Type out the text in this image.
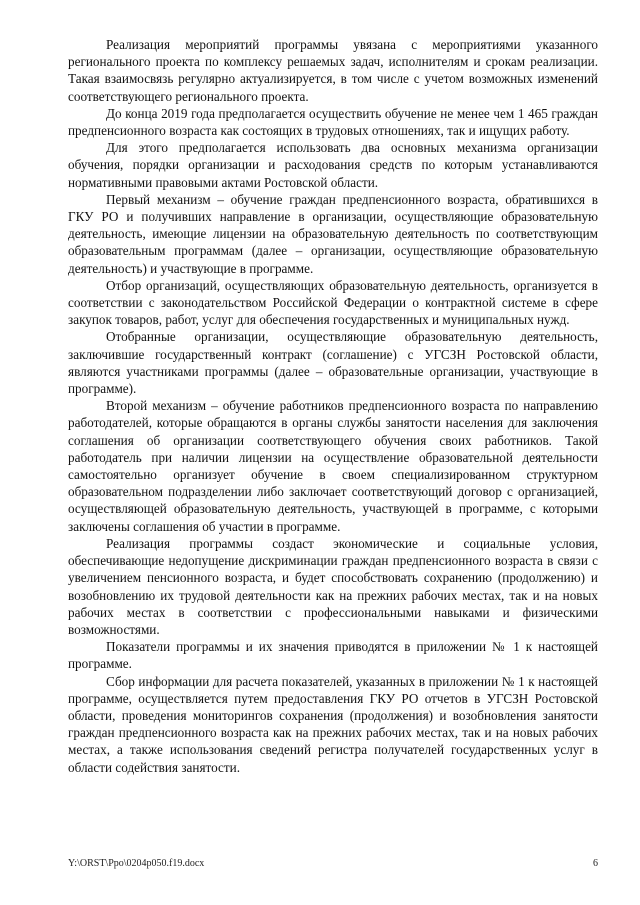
Реализация мероприятий программы увязана с мероприятиями указанного регионального проекта по комплексу решаемых задач, исполнителям и срокам реализации. Такая взаимосвязь регулярно актуализируется, в том числе с учетом возможных изменений соответствующего регионального проекта.

До конца 2019 года предполагается осуществить обучение не менее чем 1 465 граждан предпенсионного возраста как состоящих в трудовых отношениях, так и ищущих работу.

Для этого предполагается использовать два основных механизма организации обучения, порядки организации и расходования средств по которым устанавливаются нормативными правовыми актами Ростовской области.

Первый механизм – обучение граждан предпенсионного возраста, обратившихся в ГКУ РО и получивших направление в организации, осуществляющие образовательную деятельность, имеющие лицензии на образовательную деятельность по соответствующим образовательным программам (далее – организации, осуществляющие образовательную деятельность) и участвующие в программе.

Отбор организаций, осуществляющих образовательную деятельность, организуется в соответствии с законодательством Российской Федерации о контрактной системе в сфере закупок товаров, работ, услуг для обеспечения государственных и муниципальных нужд.

Отобранные организации, осуществляющие образовательную деятельность, заключившие государственный контракт (соглашение) с УГСЗН Ростовской области, являются участниками программы (далее – образовательные организации, участвующие в программе).

Второй механизм – обучение работников предпенсионного возраста по направлению работодателей, которые обращаются в органы службы занятости населения для заключения соглашения об организации соответствующего обучения своих работников. Такой работодатель при наличии лицензии на осуществление образовательной деятельности самостоятельно организует обучение в своем специализированном структурном образовательном подразделении либо заключает соответствующий договор с организацией, осуществляющей образовательную деятельность, участвующей в программе, с которыми заключены соглашения об участии в программе.

Реализация программы создаст экономические и социальные условия, обеспечивающие недопущение дискриминации граждан предпенсионного возраста в связи с увеличением пенсионного возраста, и будет способствовать сохранению (продолжению) и возобновлению их трудовой деятельности как на прежних рабочих местах, так и на новых рабочих местах в соответствии с профессиональными навыками и физическими возможностями.

Показатели программы и их значения приводятся в приложении № 1 к настоящей программе.

Сбор информации для расчета показателей, указанных в приложении № 1 к настоящей программе, осуществляется путем предоставления ГКУ РО отчетов в УГСЗН Ростовской области, проведения мониторингов сохранения (продолжения) и возобновления занятости граждан предпенсионного возраста как на прежних рабочих местах, так и на новых рабочих местах, а также использования сведений регистра получателей государственных услуг в области содействия занятости.

Y:\ORST\Ppo\0204p050.f19.docx	6
